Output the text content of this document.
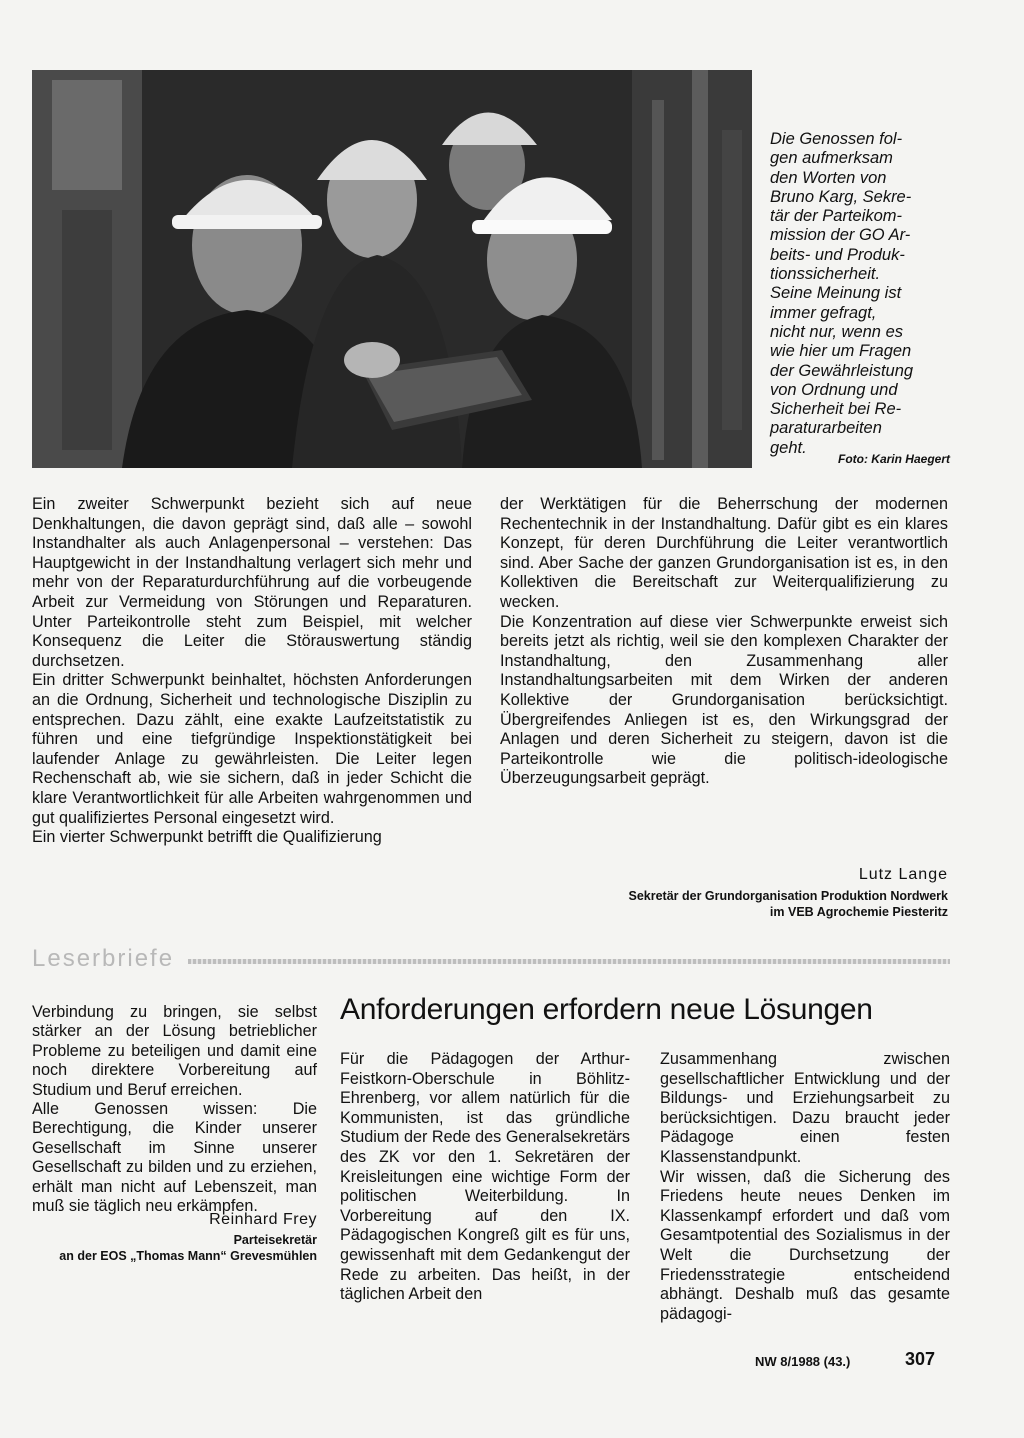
Die Genossen fol-
gen aufmerksam
den Worten von
Bruno Karg, Sekre-
tär der Parteikom-
mission der GO Ar-
beits- und Produk-
tionssicherheit.
Seine Meinung ist
immer gefragt,
nicht nur, wenn es
wie hier um Fragen
der Gewährleistung
von Ordnung und
Sicherheit bei Re-
paraturarbeiten
geht.
Foto: Karin Haegert
Ein zweiter Schwerpunkt bezieht sich auf neue Denkhaltungen, die davon geprägt sind, daß alle – sowohl Instandhalter als auch Anlagenpersonal – verstehen: Das Hauptgewicht in der Instandhaltung verlagert sich mehr und mehr von der Reparaturdurchführung auf die vorbeugende Arbeit zur Vermeidung von Störungen und Reparaturen. Unter Parteikontrolle steht zum Beispiel, mit welcher Konsequenz die Leiter die Störauswertung ständig durchsetzen.
Ein dritter Schwerpunkt beinhaltet, höchsten Anforderungen an die Ordnung, Sicherheit und technologische Disziplin zu entsprechen. Dazu zählt, eine exakte Laufzeitstatistik zu führen und eine tiefgründige Inspektionstätigkeit bei laufender Anlage zu gewährleisten. Die Leiter legen Rechenschaft ab, wie sie sichern, daß in jeder Schicht die klare Verantwortlichkeit für alle Arbeiten wahrgenommen und gut qualifiziertes Personal eingesetzt wird.
Ein vierter Schwerpunkt betrifft die Qualifizierung
der Werktätigen für die Beherrschung der modernen Rechentechnik in der Instandhaltung. Dafür gibt es ein klares Konzept, für deren Durchführung die Leiter verantwortlich sind. Aber Sache der ganzen Grundorganisation ist es, in den Kollektiven die Bereitschaft zur Weiterqualifizierung zu wecken.
Die Konzentration auf diese vier Schwerpunkte erweist sich bereits jetzt als richtig, weil sie den komplexen Charakter der Instandhaltung, den Zusammenhang aller Instandhaltungsarbeiten mit dem Wirken der anderen Kollektive der Grundorganisation berücksichtigt. Übergreifendes Anliegen ist es, den Wirkungsgrad der Anlagen und deren Sicherheit zu steigern, davon ist die Parteikontrolle wie die politisch-ideologische Überzeugungsarbeit geprägt.
Lutz Lange
Sekretär der Grundorganisation Produktion Nordwerk
im VEB Agrochemie Piesteritz
Leserbriefe
Verbindung zu bringen, sie selbst stärker an der Lösung betrieblicher Probleme zu beteiligen und damit eine noch direktere Vorbereitung auf Studium und Beruf erreichen.
Alle Genossen wissen: Die Berechtigung, die Kinder unserer Gesellschaft im Sinne unserer Gesellschaft zu bilden und zu erziehen, erhält man nicht auf Lebenszeit, man muß sie täglich neu erkämpfen.
Reinhard Frey
Parteisekretär
an der EOS „Thomas Mann“ Grevesmühlen
Anforderungen erfordern neue Lösungen
Für die Pädagogen der Arthur-Feistkorn-Oberschule in Böhlitz-Ehrenberg, vor allem natürlich für die Kommunisten, ist das gründliche Studium der Rede des Generalsekretärs des ZK vor den 1. Sekretären der Kreisleitungen eine wichtige Form der politischen Weiterbildung. In Vorbereitung auf den IX. Pädagogischen Kongreß gilt es für uns, gewissenhaft mit dem Gedankengut der Rede zu arbeiten. Das heißt, in der täglichen Arbeit den
Zusammenhang zwischen gesellschaftlicher Entwicklung und der Bildungs- und Erziehungsarbeit zu berücksichtigen. Dazu braucht jeder Pädagoge einen festen Klassenstandpunkt.
Wir wissen, daß die Sicherung des Friedens heute neues Denken im Klassenkampf erfordert und daß vom Gesamtpotential des Sozialismus in der Welt die Durchsetzung der Friedensstrategie entscheidend abhängt. Deshalb muß das gesamte pädagogi-
NW 8/1988 (43.)	307
